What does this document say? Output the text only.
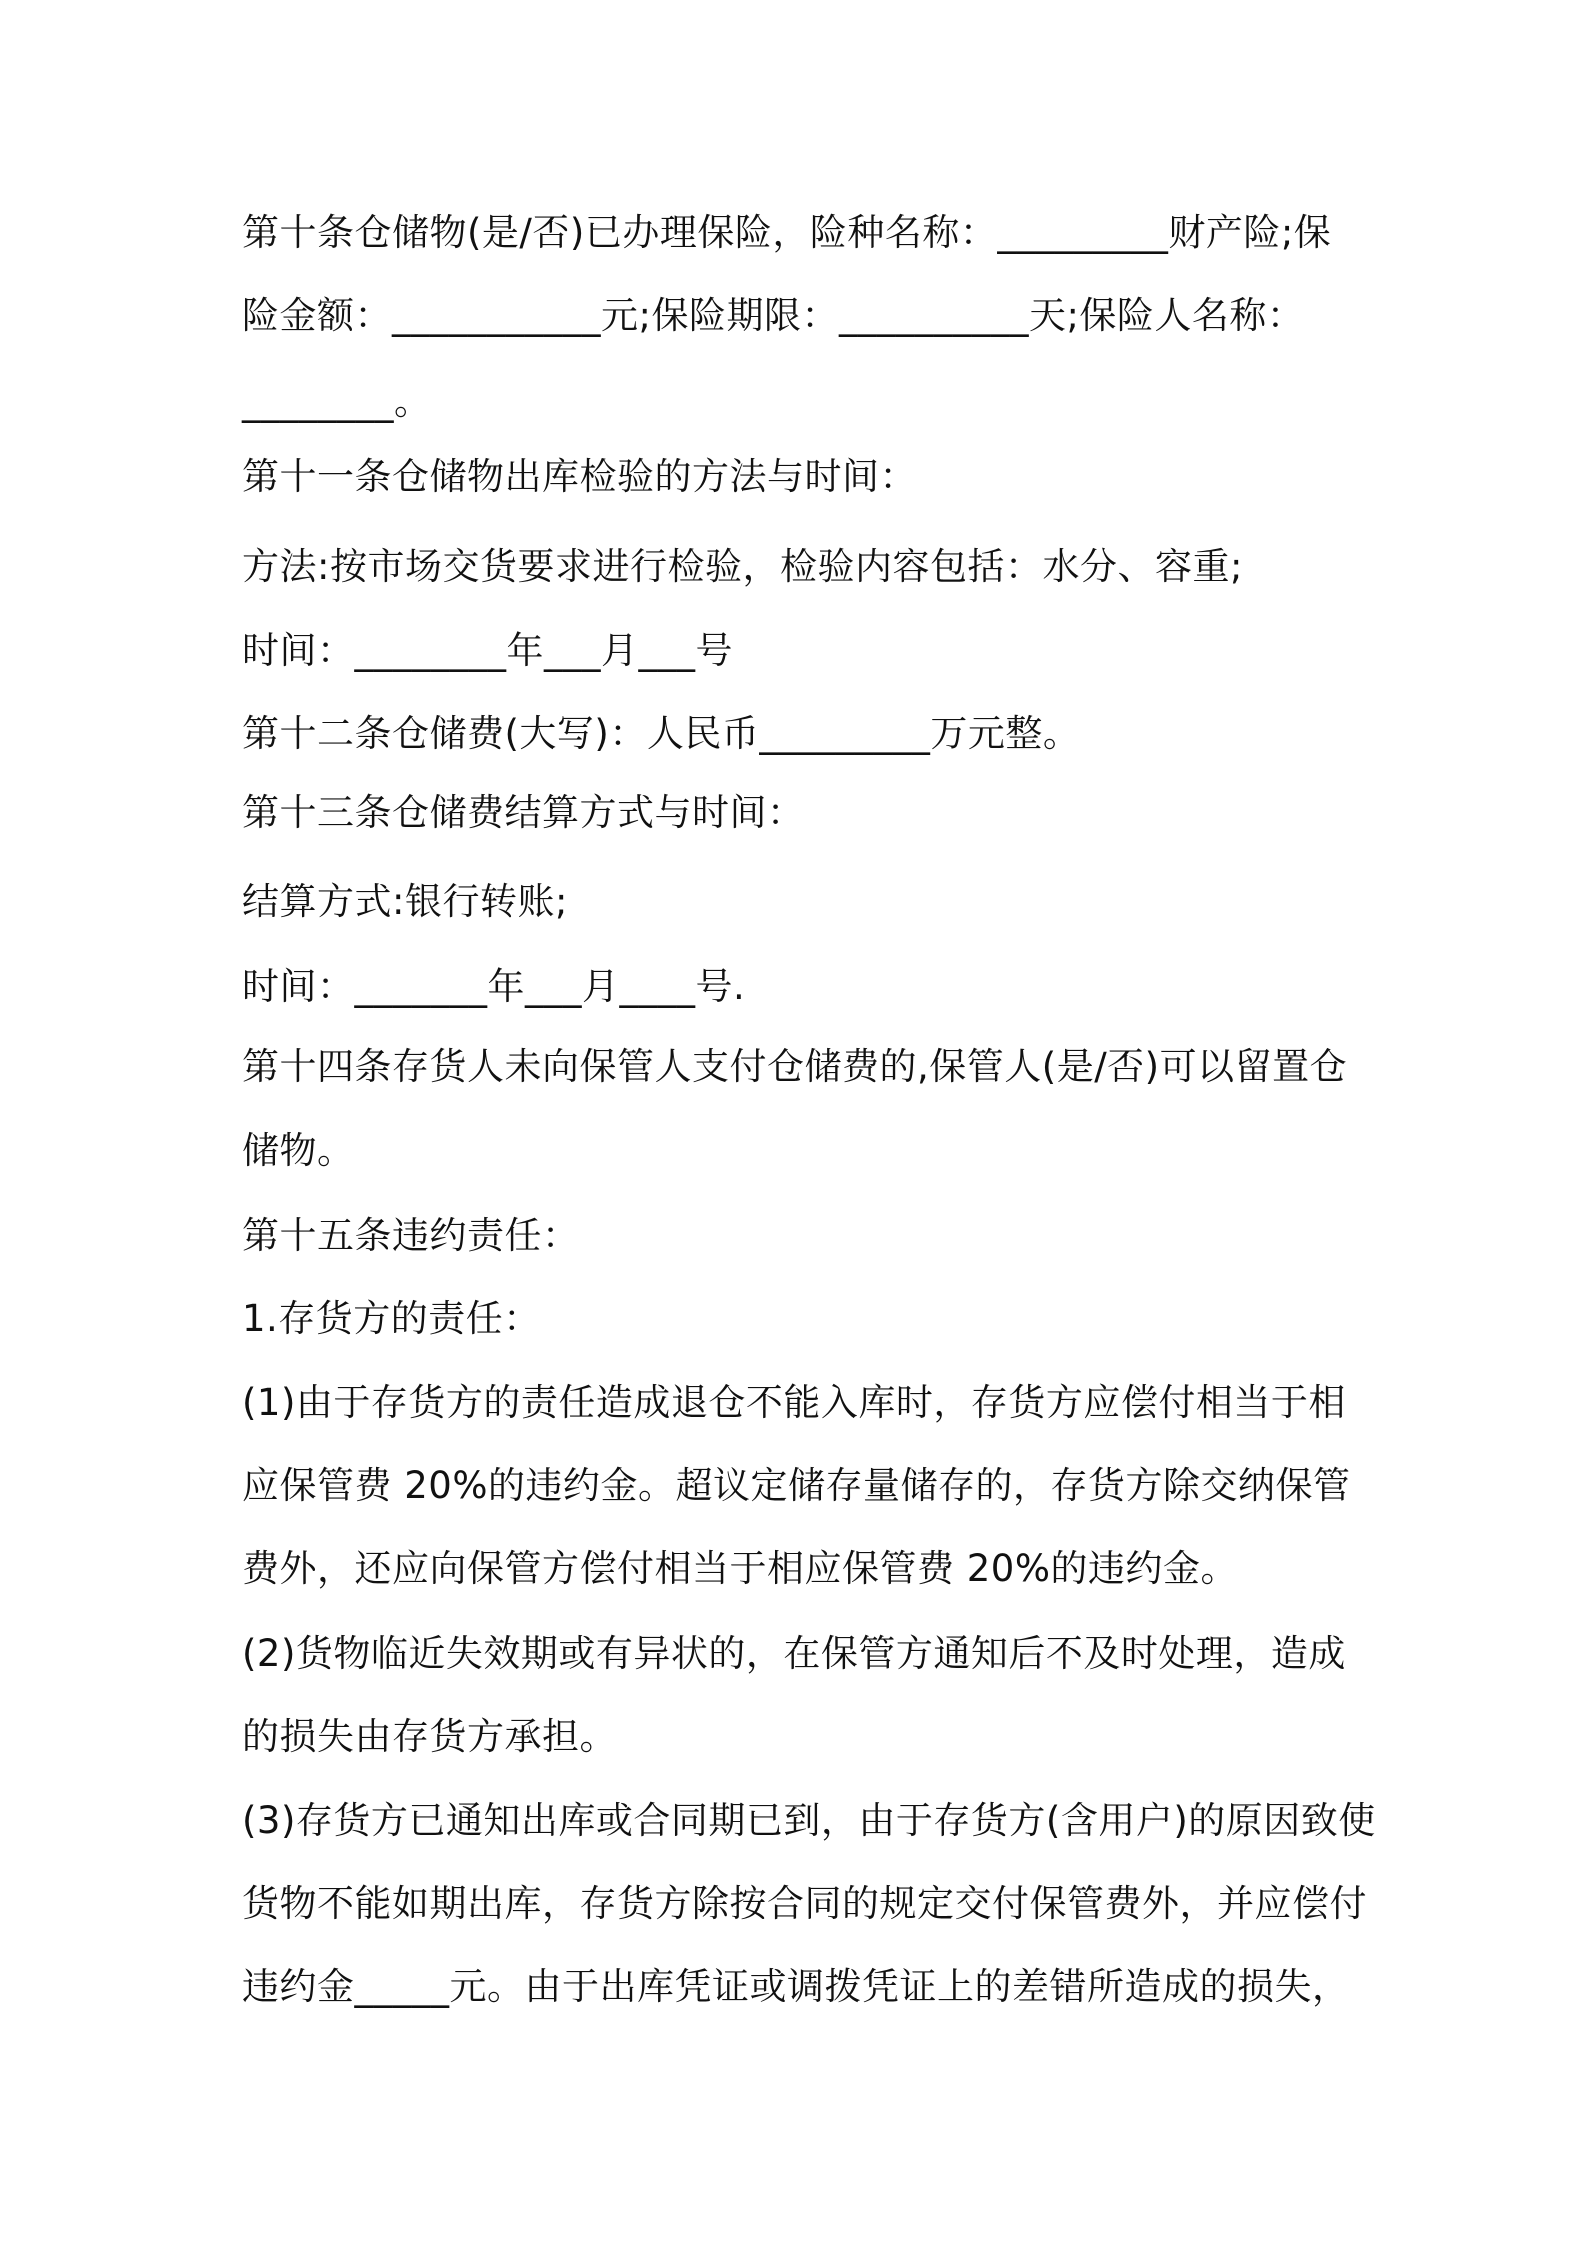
第十条仓储物(是/否)已办理保险，险种名称：_________财产险;保
险金额：___________元;保险期限：__________天;保险人名称：
________。
第十一条仓储物出库检验的方法与时间：
方法:按市场交货要求进行检验，检验内容包括：水分、容重;
时间：________年___月___号
第十二条仓储费(大写)：人民币_________万元整。
第十三条仓储费结算方式与时间：
结算方式:银行转账;
时间：_______年___月____号.
第十四条存货人未向保管人支付仓储费的,保管人(是/否)可以留置仓
储物。
第十五条违约责任：
1.存货方的责任：
(1)由于存货方的责任造成退仓不能入库时，存货方应偿付相当于相
应保管费 20%的违约金。超议定储存量储存的，存货方除交纳保管
费外，还应向保管方偿付相当于相应保管费 20%的违约金。
(2)货物临近失效期或有异状的，在保管方通知后不及时处理，造成
的损失由存货方承担。
(3)存货方已通知出库或合同期已到，由于存货方(含用户)的原因致使
货物不能如期出库，存货方除按合同的规定交付保管费外，并应偿付
违约金_____元。由于出库凭证或调拨凭证上的差错所造成的损失，
